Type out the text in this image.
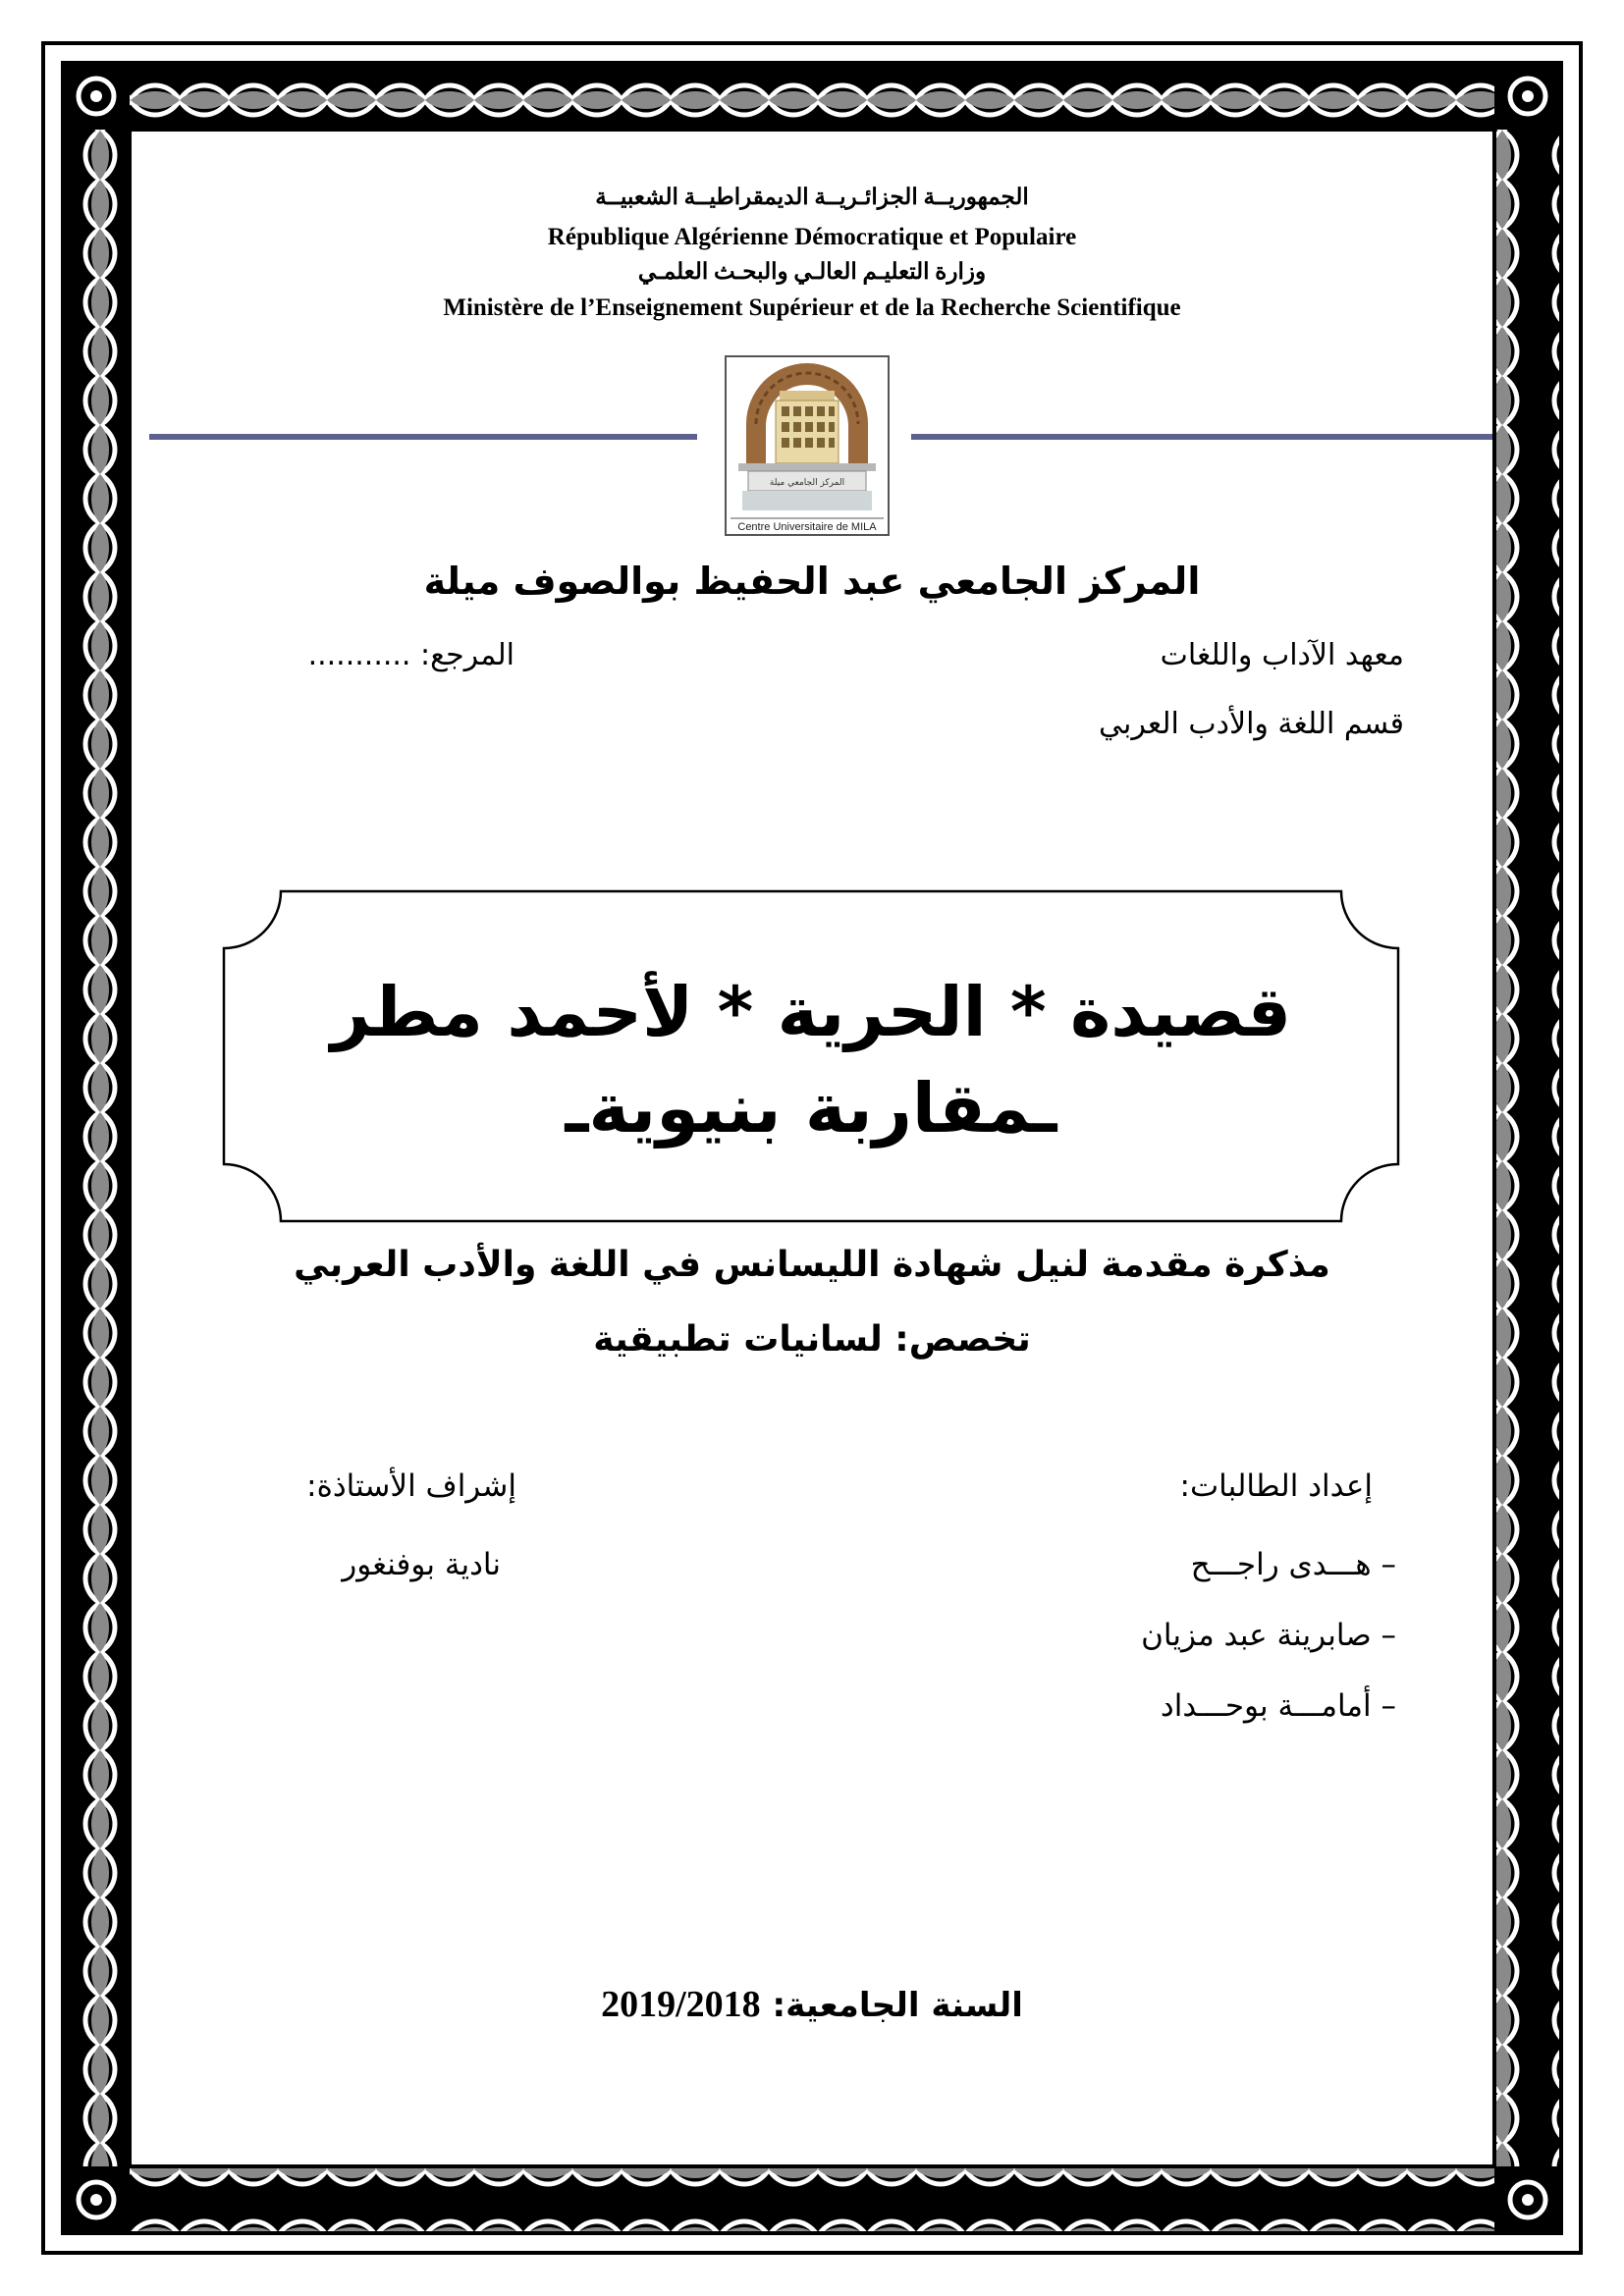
الجمهوريــة الجزائـريــة الديمقراطيــة الشعبيــة
République Algérienne Démocratique et Populaire
وزارة التعليـم العالـي والبحـث العلمـي
Ministère de l’Enseignement Supérieur et de la Recherche Scientifique
المركز الجامعي ميلة
Centre Universitaire de MILA
المركز الجامعي عبد الحفيظ بوالصوف ميلة
معهد الآداب واللغات
المرجع: ...........
قسم اللغة والأدب العربي
قصيدة * الحرية * لأحمد مطر
ـمقاربة بنيويةـ
مذكرة مقدمة لنيل شهادة الليسانس في اللغة والأدب العربي
تخصص: لسانيات تطبيقية
إعداد الطالبات:
– هـــدى راجـــح
– صابرينة عبد مزيان
– أمامـــة بوحـــداد
إشراف الأستاذة:
نادية بوفنغور
السنة الجامعية: 2019/2018
